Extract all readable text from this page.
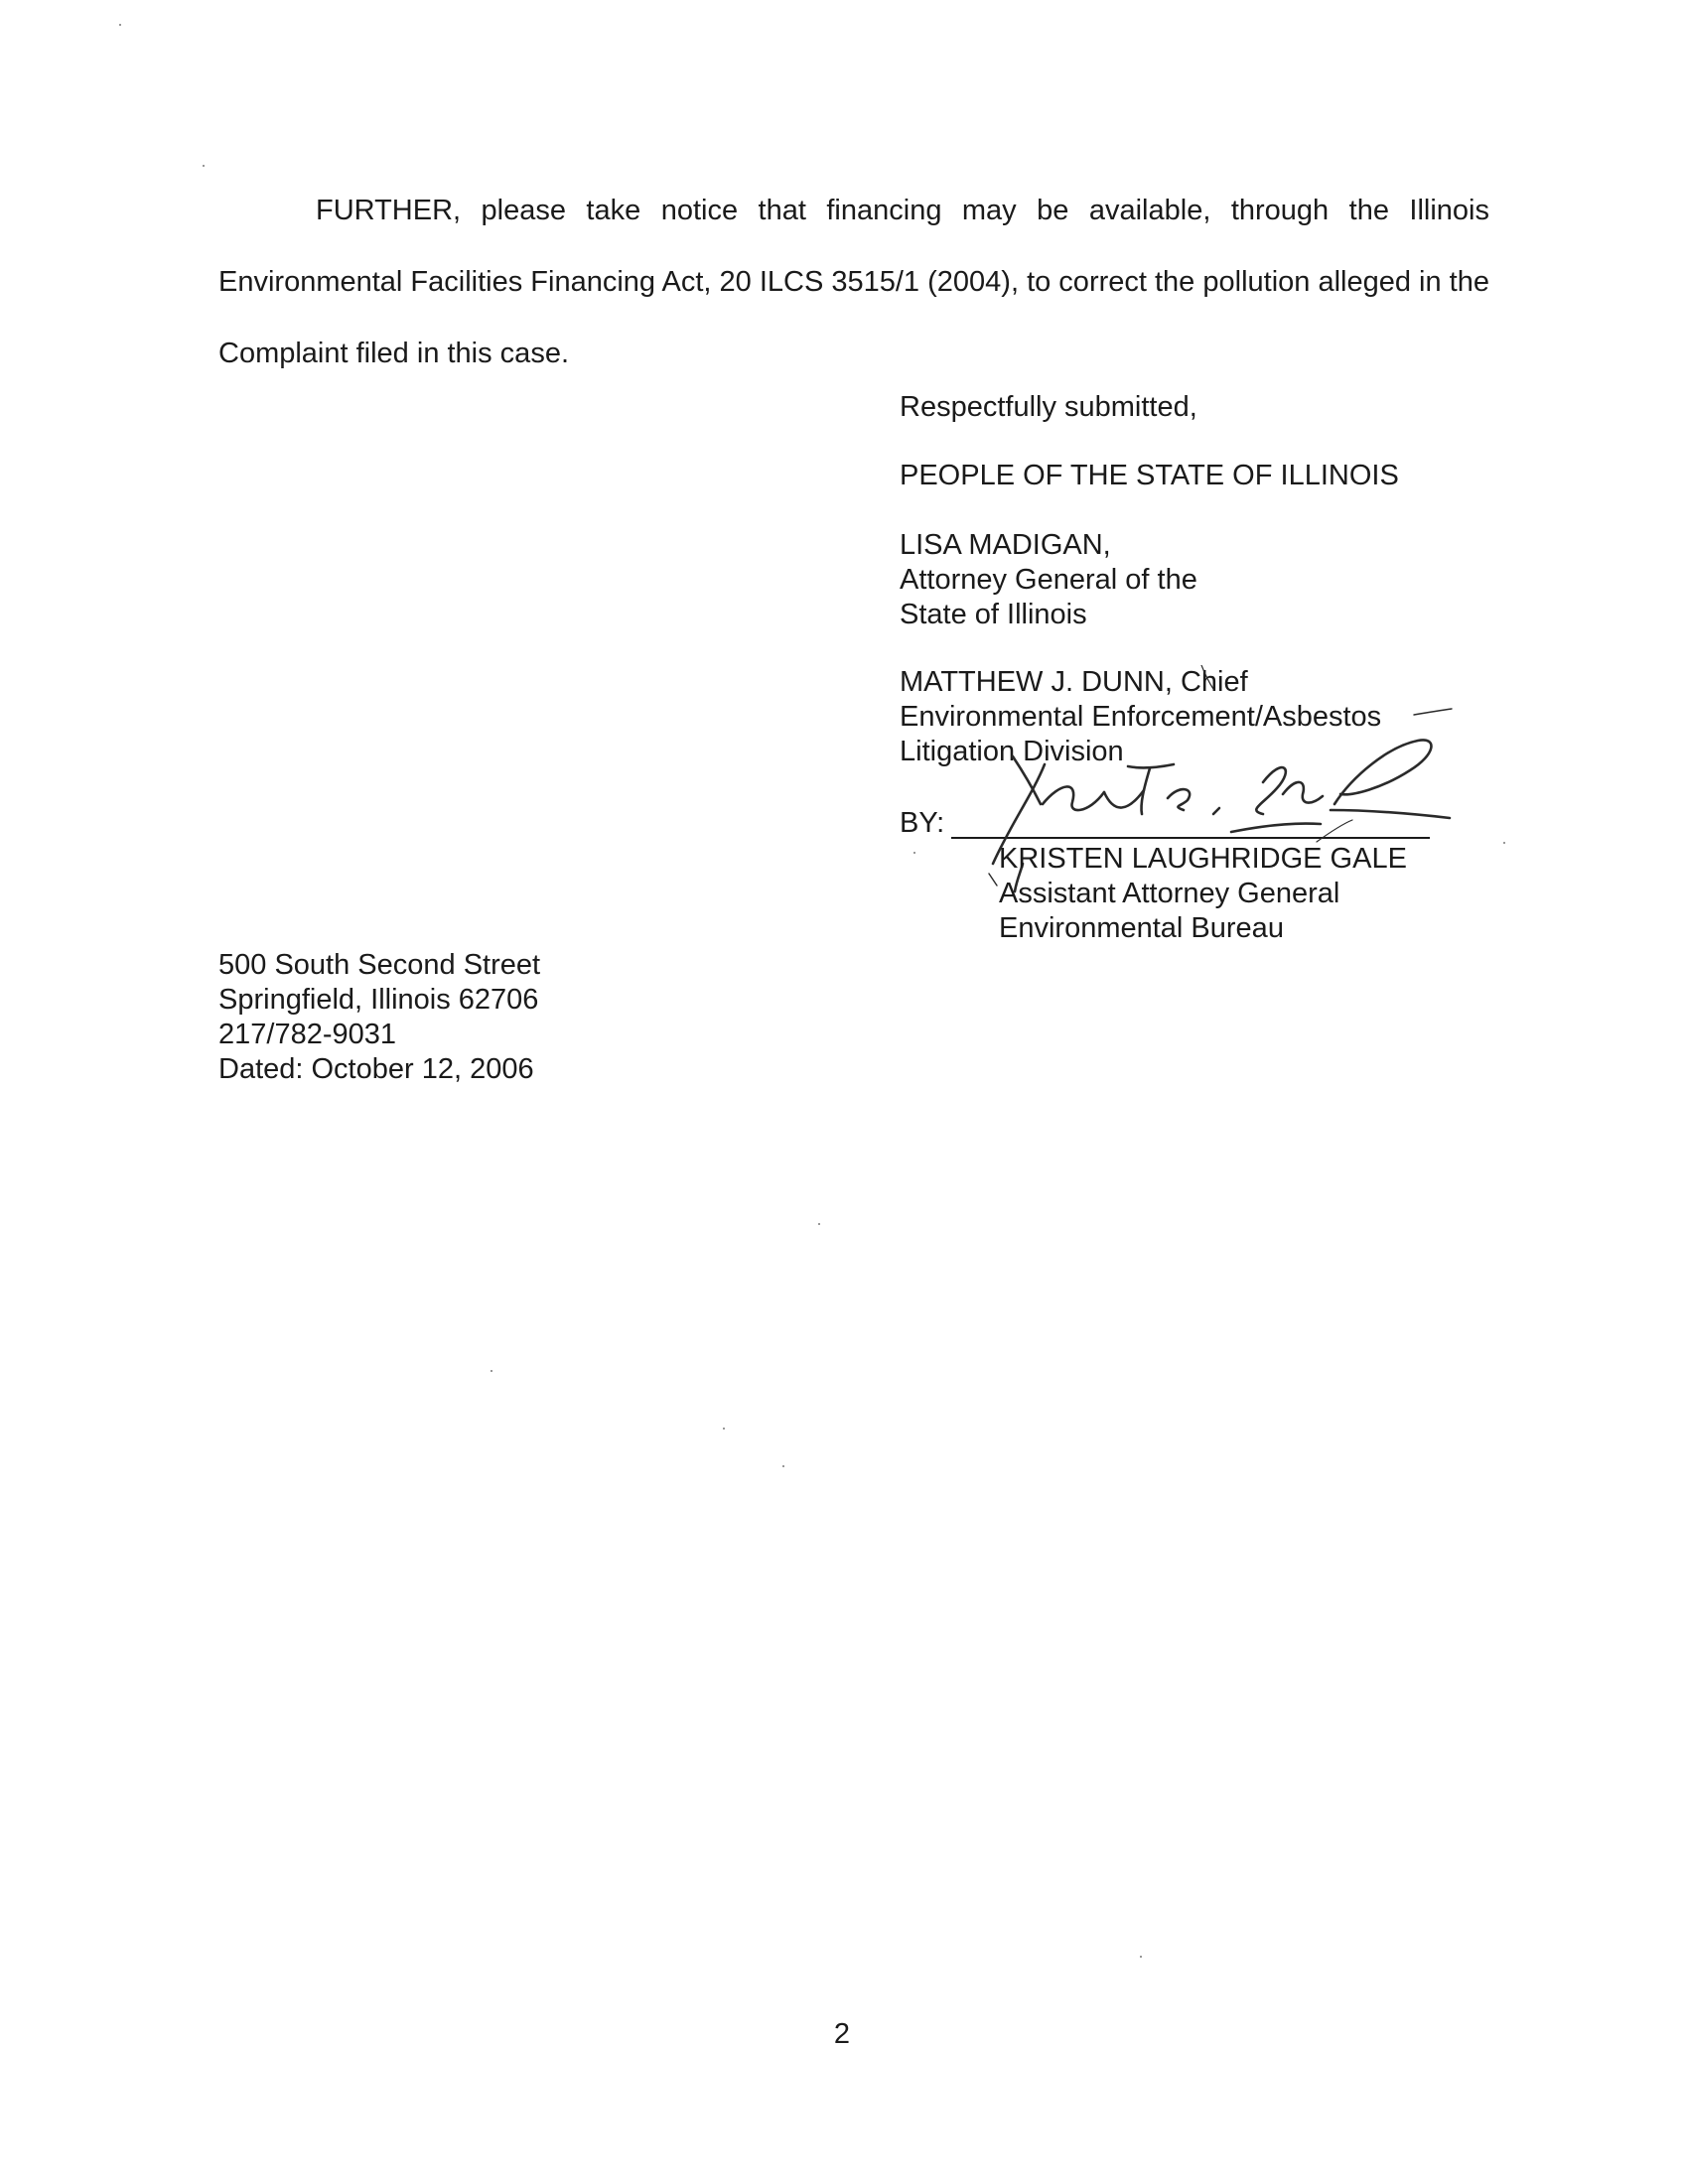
FURTHER, please take notice that financing may be available, through the Illinois Environmental Facilities Financing Act, 20 ILCS 3515/1 (2004), to correct the pollution alleged in the Complaint filed in this case.

Respectfully submitted,
PEOPLE OF THE STATE OF ILLINOIS
LISA MADIGAN,
Attorney General of the
State of Illinois
MATTHEW J. DUNN, Chief
Environmental Enforcement/Asbestos
Litigation Division
BY:
KRISTEN LAUGHRIDGE GALE
Assistant Attorney General
Environmental Bureau
500 South Second Street
Springfield, Illinois 62706
217/782-9031
Dated: October 12, 2006
2
